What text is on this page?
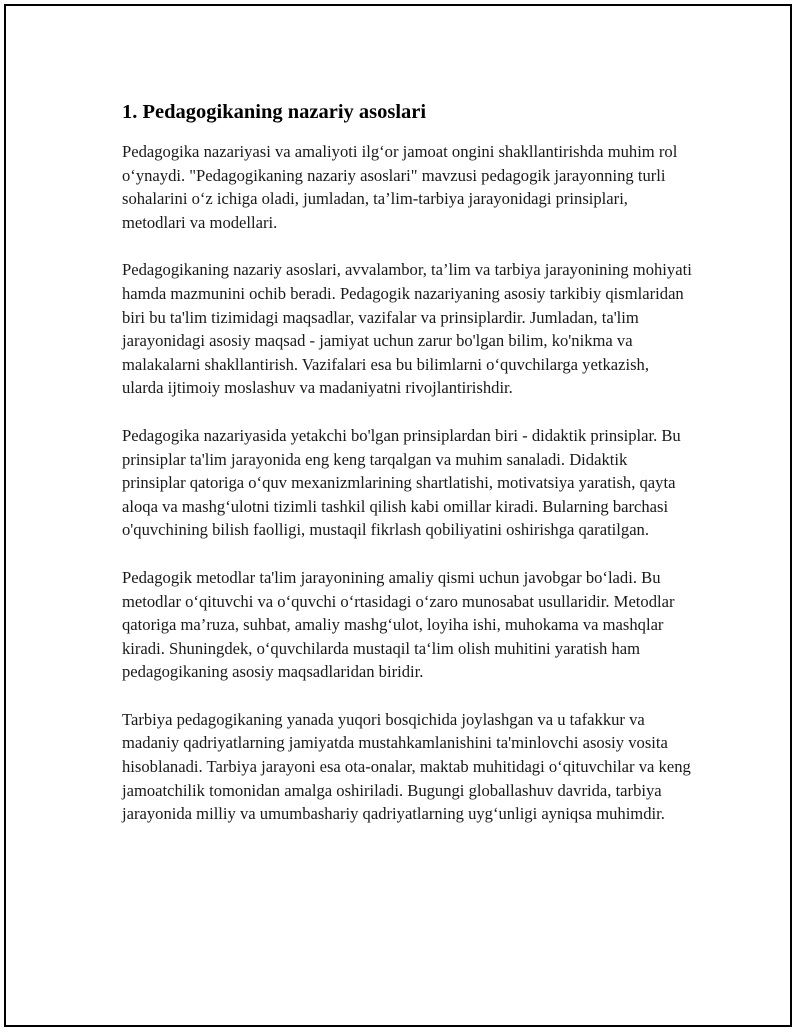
1. Pedagogikaning nazariy asoslari

Pedagogika nazariyasi va amaliyoti ilg‘or jamoat ongini shakllantirishda muhim rol o‘ynaydi. "Pedagogikaning nazariy asoslari" mavzusi pedagogik jarayonning turli sohalarini o‘z ichiga oladi, jumladan, ta’lim-tarbiya jarayonidagi prinsiplari, metodlari va modellari.

Pedagogikaning nazariy asoslari, avvalambor, ta’lim va tarbiya jarayonining mohiyati hamda mazmunini ochib beradi. Pedagogik nazariyaning asosiy tarkibiy qismlaridan biri bu ta'lim tizimidagi maqsadlar, vazifalar va prinsiplardir. Jumladan, ta'lim jarayonidagi asosiy maqsad - jamiyat uchun zarur bo'lgan bilim, ko'nikma va malakalarni shakllantirish. Vazifalari esa bu bilimlarni o‘quvchilarga yetkazish, ularda ijtimoiy moslashuv va madaniyatni rivojlantirishdir.

Pedagogika nazariyasida yetakchi bo'lgan prinsiplardan biri - didaktik prinsiplar. Bu prinsiplar ta'lim jarayonida eng keng tarqalgan va muhim sanaladi. Didaktik prinsiplar qatoriga o‘quv mexanizmlarining shartlatishi, motivatsiya yaratish, qayta aloqa va mashg‘ulotni tizimli tashkil qilish kabi omillar kiradi. Bularning barchasi o'quvchining bilish faolligi, mustaqil fikrlash qobiliyatini oshirishga qaratilgan.

Pedagogik metodlar ta'lim jarayonining amaliy qismi uchun javobgar bo‘ladi. Bu metodlar o‘qituvchi va o‘quvchi o‘rtasidagi o‘zaro munosabat usullaridir. Metodlar qatoriga ma’ruza, suhbat, amaliy mashg‘ulot, loyiha ishi, muhokama va mashqlar kiradi. Shuningdek, o‘quvchilarda mustaqil ta‘lim olish muhitini yaratish ham pedagogikaning asosiy maqsadlaridan biridir.

Tarbiya pedagogikaning yanada yuqori bosqichida joylashgan va u tafakkur va madaniy qadriyatlarning jamiyatda mustahkamlanishini ta'minlovchi asosiy vosita hisoblanadi. Tarbiya jarayoni esa ota-onalar, maktab muhitidagi o‘qituvchilar va keng jamoatchilik tomonidan amalga oshiriladi. Bugungi globallashuv davrida, tarbiya jarayonida milliy va umumbashariy qadriyatlarning uyg‘unligi ayniqsa muhimdir.
